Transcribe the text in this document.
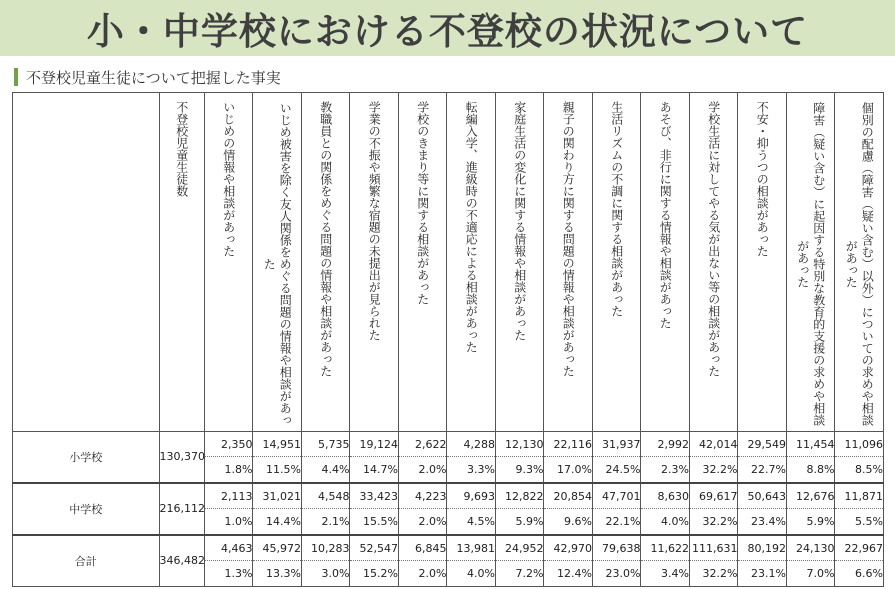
小・中学校における不登校の状況について
不登校児童生徒について把握した事実

	不登校児童生徒数	いじめの情報や相談があった	いじめ被害を除く友人関係をめぐる問題の情報や相談があった	教職員との関係をめぐる問題の情報や相談があった	学業の不振や頻繁な宿題の未提出が見られた	学校のきまり等に関する相談があった	転編入学、進級時の不適応による相談があった	家庭生活の変化に関する情報や相談があった	親子の関わり方に関する問題の情報や相談があった	生活リズムの不調に関する相談があった	あそび、非行に関する情報や相談があった	学校生活に対してやる気が出ない等の相談があった	不安・抑うつの相談があった	障害（疑い含む）に起因する特別な教育的支援の求めや相談があった	個別の配慮（障害（疑い含む）以外）についての求めや相談があった

小学校	130,370	2,350	14,951	5,735	19,124	2,622	4,288	12,130	22,116	31,937	2,992	42,014	29,549	11,454	11,096
		1.8%	11.5%	4.4%	14.7%	2.0%	3.3%	9.3%	17.0%	24.5%	2.3%	32.2%	22.7%	8.8%	8.5%
中学校	216,112	2,113	31,021	4,548	33,423	4,223	9,693	12,822	20,854	47,701	8,630	69,617	50,643	12,676	11,871
		1.0%	14.4%	2.1%	15.5%	2.0%	4.5%	5.9%	9.6%	22.1%	4.0%	32.2%	23.4%	5.9%	5.5%
合計	346,482	4,463	45,972	10,283	52,547	6,845	13,981	24,952	42,970	79,638	11,622	111,631	80,192	24,130	22,967
		1.3%	13.3%	3.0%	15.2%	2.0%	4.0%	7.2%	12.4%	23.0%	3.4%	32.2%	23.1%	7.0%	6.6%
